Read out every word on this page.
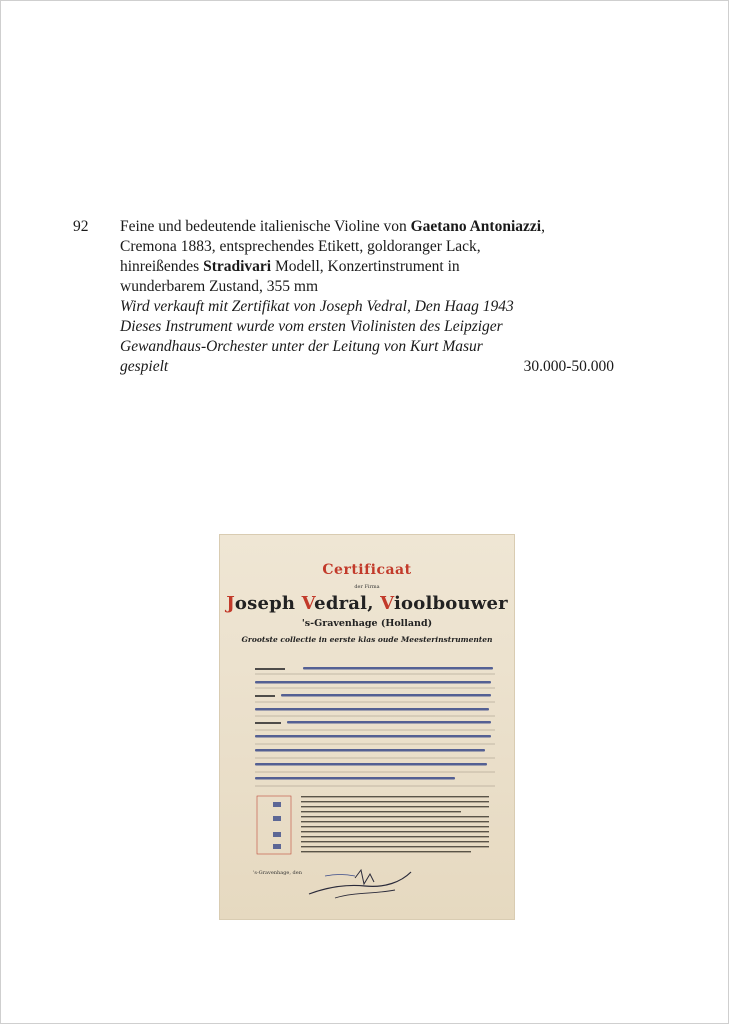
92 Feine und bedeutende italienische Violine von Gaetano Antoniazzi,
Cremona 1883, entsprechendes Etikett, goldoranger Lack,
hinreißendes Stradivari Modell, Konzertinstrument in
wunderbarem Zustand, 355 mm
Wird verkauft mit Zertifikat von Joseph Vedral, Den Haag 1943
Dieses Instrument wurde vom ersten Violinisten des Leipziger
Gewandhaus-Orchester unter der Leitung von Kurt Masur
gespielt	30.000-50.000
Certificaat
der Firma
Joseph Vedral, Vioolbouwer
's-Gravenhage (Holland)
Grootste collectie in eerste klas oude Meesterinstrumenten
's-Gravenhage, den
